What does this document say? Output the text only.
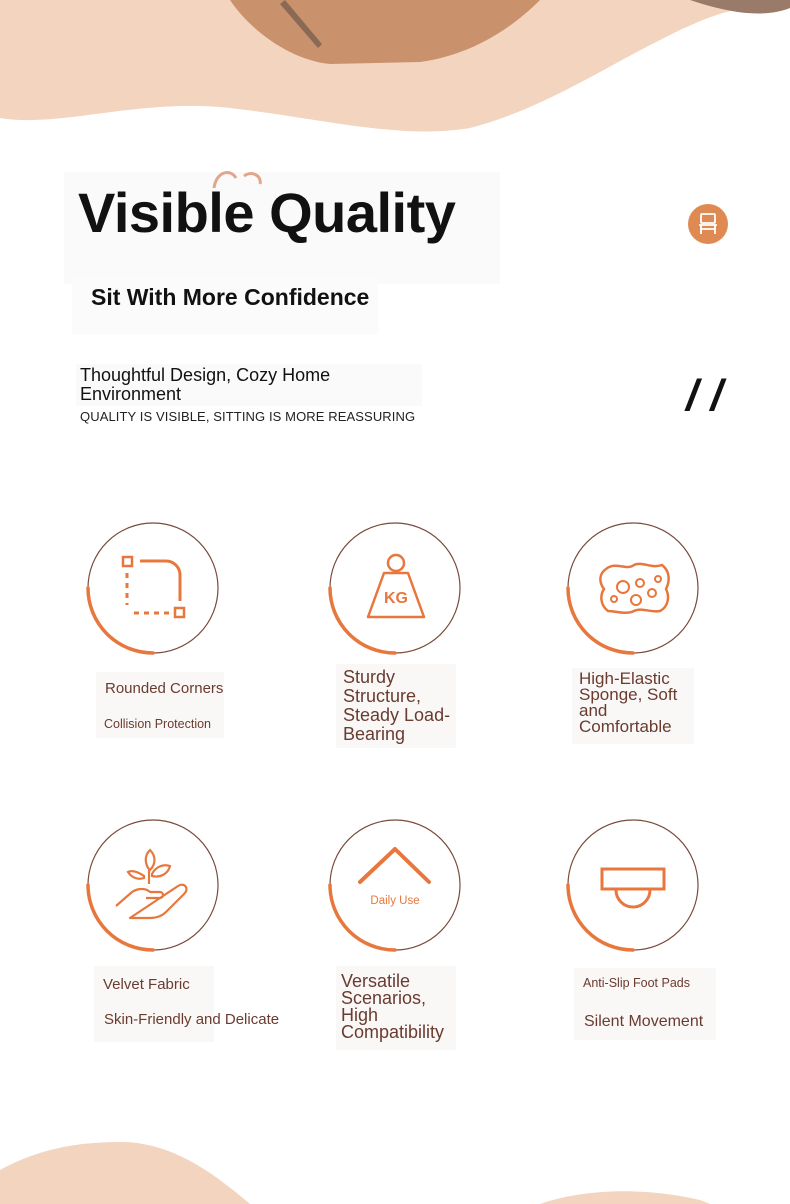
Visible Quality
Sit With More Confidence
Thoughtful Design, Cozy Home Environment
QUALITY IS VISIBLE, SITTING IS MORE REASSURING	/ /
Rounded Corners
Collision Protection
KG
Sturdy Structure, Steady Load-Bearing
High-Elastic Sponge, Soft and Comfortable
Velvet Fabric
Skin-Friendly and Delicate
Daily Use
Versatile Scenarios, High Compatibility
Anti-Slip Foot Pads
Silent Movement
